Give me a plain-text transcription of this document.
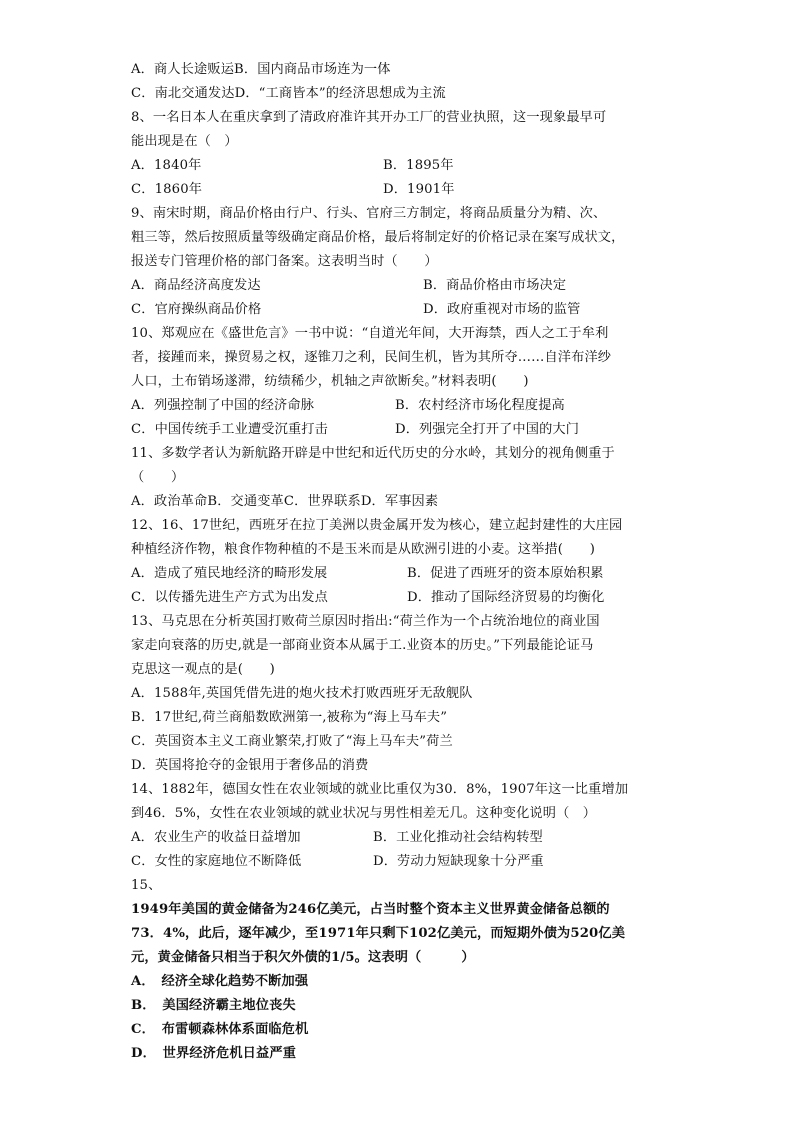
A．商人长途贩运B．国内商品市场连为一体
C．南北交通发达D．“工商皆本”的经济思想成为主流
8、一名日本人在重庆拿到了清政府准许其开办工厂的营业执照，这一现象最早可
能出现是在（　）
A．1840年	B．1895年
C．1860年	D．1901年
9、南宋时期，商品价格由行户、行头、官府三方制定，将商品质量分为精、次、
粗三等，然后按照质量等级确定商品价格，最后将制定好的价格记录在案写成状文，
报送专门管理价格的部门备案。这表明当时（　　）
A．商品经济高度发达	B．商品价格由市场决定
C．官府操纵商品价格	D．政府重视对市场的监管
10、郑观应在《盛世危言》一书中说：“自道光年间，大开海禁，西人之工于牟利
者，接踵而来，操贸易之权，逐锥刀之利，民间生机，皆为其所夺……自洋布洋纱
人口，土布销场遂滞，纺绩稀少，机轴之声欲断矣。”材料表明(　　)
A．列强控制了中国的经济命脉	B．农村经济市场化程度提高
C．中国传统手工业遭受沉重打击	D．列强完全打开了中国的大门
11、多数学者认为新航路开辟是中世纪和近代历史的分水岭，其划分的视角侧重于
（　　）
A．政治革命B．交通变革C．世界联系D．军事因素
12、16、17世纪，西班牙在拉丁美洲以贵金属开发为核心，建立起封建性的大庄园
种植经济作物，粮食作物种植的不是玉米而是从欧洲引进的小麦。这举措(　　)
A．造成了殖民地经济的畸形发展	B．促进了西班牙的资本原始积累
C．以传播先进生产方式为出发点	D．推动了国际经济贸易的均衡化
13、马克思在分析英国打败荷兰原因时指出:“荷兰作为一个占统治地位的商业国
家走向衰落的历史,就是一部商业资本从属于工.业资本的历史。”下列最能论证马
克思这一观点的是(　　)
A．1588年,英国凭借先进的炮火技术打败西班牙无敌舰队
B．17世纪,荷兰商船数欧洲第一,被称为“海上马车夫”
C．英国资本主义工商业繁荣,打败了“海上马车夫”荷兰
D．英国将抢夺的金银用于奢侈品的消费
14、1882年，德国女性在农业领域的就业比重仅为30．8%，1907年这一比重增加
到46．5%，女性在农业领域的就业状况与男性相差无几。这种变化说明（　）
A．农业生产的收益日益增加	B．工业化推动社会结构转型
C．女性的家庭地位不断降低	D．劳动力短缺现象十分严重
15、
1949年美国的黄金储备为246亿美元，占当时整个资本主义世界黄金储备总额的
73．4%，此后，逐年减少，至1971年只剩下102亿美元，而短期外债为520亿美
元，黄金储备只相当于积欠外债的1/5。这表明（　　　）
A．　经济全球化趋势不断加强
B．　美国经济霸主地位丧失
C．　布雷顿森林体系面临危机
D．　世界经济危机日益严重
